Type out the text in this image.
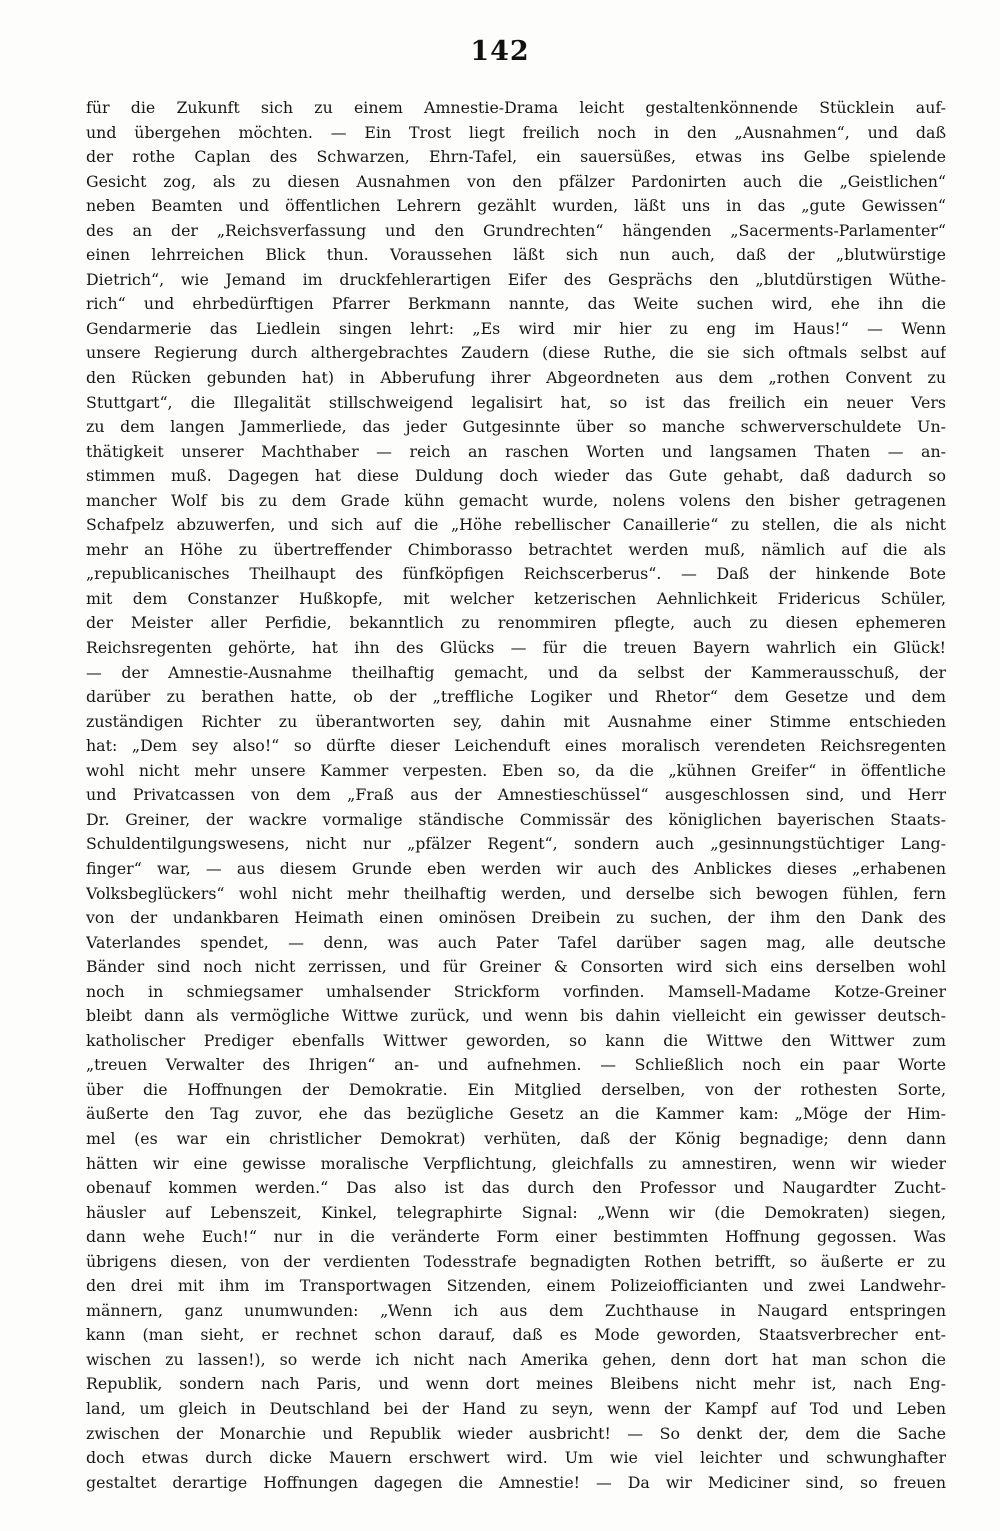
142
für die Zukunft sich zu einem Amnestie-Drama leicht gestaltenkönnende Stücklein auf-
und übergehen möchten. — Ein Trost liegt freilich noch in den „Ausnahmen“, und daß
der rothe Caplan des Schwarzen, Ehrn-Tafel, ein sauersüßes, etwas ins Gelbe spielende
Gesicht zog, als zu diesen Ausnahmen von den pfälzer Pardonirten auch die „Geistlichen“
neben Beamten und öffentlichen Lehrern gezählt wurden, läßt uns in das „gute Gewissen“
des an der „Reichsverfassung und den Grundrechten“ hängenden „Sacerments-Parlamenter“
einen lehrreichen Blick thun. Voraussehen läßt sich nun auch, daß der „blutwürstige
Dietrich“, wie Jemand im druckfehlerartigen Eifer des Gesprächs den „blutdürstigen Wüthe-
rich“ und ehrbedürftigen Pfarrer Berkmann nannte, das Weite suchen wird, ehe ihn die
Gendarmerie das Liedlein singen lehrt: „Es wird mir hier zu eng im Haus!“ — Wenn
unsere Regierung durch althergebrachtes Zaudern (diese Ruthe, die sie sich oftmals selbst auf
den Rücken gebunden hat) in Abberufung ihrer Abgeordneten aus dem „rothen Convent zu
Stuttgart“, die Illegalität stillschweigend legalisirt hat, so ist das freilich ein neuer Vers
zu dem langen Jammerliede, das jeder Gutgesinnte über so manche schwerverschuldete Un-
thätigkeit unserer Machthaber — reich an raschen Worten und langsamen Thaten — an-
stimmen muß. Dagegen hat diese Duldung doch wieder das Gute gehabt, daß dadurch so
mancher Wolf bis zu dem Grade kühn gemacht wurde, nolens volens den bisher getragenen
Schafpelz abzuwerfen, und sich auf die „Höhe rebellischer Canaillerie“ zu stellen, die als nicht
mehr an Höhe zu übertreffender Chimborasso betrachtet werden muß, nämlich auf die als
„republicanisches Theilhaupt des fünfköpfigen Reichscerberus“. — Daß der hinkende Bote
mit dem Constanzer Hußkopfe, mit welcher ketzerischen Aehnlichkeit Fridericus Schüler,
der Meister aller Perfidie, bekanntlich zu renommiren pflegte, auch zu diesen ephemeren
Reichsregenten gehörte, hat ihn des Glücks — für die treuen Bayern wahrlich ein Glück!
— der Amnestie-Ausnahme theilhaftig gemacht, und da selbst der Kammerausschuß, der
darüber zu berathen hatte, ob der „treffliche Logiker und Rhetor“ dem Gesetze und dem
zuständigen Richter zu überantworten sey, dahin mit Ausnahme einer Stimme entschieden
hat: „Dem sey also!“ so dürfte dieser Leichenduft eines moralisch verendeten Reichsregenten
wohl nicht mehr unsere Kammer verpesten. Eben so, da die „kühnen Greifer“ in öffentliche
und Privatcassen von dem „Fraß aus der Amnestieschüssel“ ausgeschlossen sind, und Herr
Dr. Greiner, der wackre vormalige ständische Commissär des königlichen bayerischen Staats-
Schuldentilgungswesens, nicht nur „pfälzer Regent“, sondern auch „gesinnungstüchtiger Lang-
finger“ war, — aus diesem Grunde eben werden wir auch des Anblickes dieses „erhabenen
Volksbeglückers“ wohl nicht mehr theilhaftig werden, und derselbe sich bewogen fühlen, fern
von der undankbaren Heimath einen ominösen Dreibein zu suchen, der ihm den Dank des
Vaterlandes spendet, — denn, was auch Pater Tafel darüber sagen mag, alle deutsche
Bänder sind noch nicht zerrissen, und für Greiner & Consorten wird sich eins derselben wohl
noch in schmiegsamer umhalsender Strickform vorfinden. Mamsell-Madame Kotze-Greiner
bleibt dann als vermögliche Wittwe zurück, und wenn bis dahin vielleicht ein gewisser deutsch-
katholischer Prediger ebenfalls Wittwer geworden, so kann die Wittwe den Wittwer zum
„treuen Verwalter des Ihrigen“ an- und aufnehmen. — Schließlich noch ein paar Worte
über die Hoffnungen der Demokratie. Ein Mitglied derselben, von der rothesten Sorte,
äußerte den Tag zuvor, ehe das bezügliche Gesetz an die Kammer kam: „Möge der Him-
mel (es war ein christlicher Demokrat) verhüten, daß der König begnadige; denn dann
hätten wir eine gewisse moralische Verpflichtung, gleichfalls zu amnestiren, wenn wir wieder
obenauf kommen werden.“ Das also ist das durch den Professor und Naugardter Zucht-
häusler auf Lebenszeit, Kinkel, telegraphirte Signal: „Wenn wir (die Demokraten) siegen,
dann wehe Euch!“ nur in die veränderte Form einer bestimmten Hoffnung gegossen. Was
übrigens diesen, von der verdienten Todesstrafe begnadigten Rothen betrifft, so äußerte er zu
den drei mit ihm im Transportwagen Sitzenden, einem Polizeiofficianten und zwei Landwehr-
männern, ganz unumwunden: „Wenn ich aus dem Zuchthause in Naugard entspringen
kann (man sieht, er rechnet schon darauf, daß es Mode geworden, Staatsverbrecher ent-
wischen zu lassen!), so werde ich nicht nach Amerika gehen, denn dort hat man schon die
Republik, sondern nach Paris, und wenn dort meines Bleibens nicht mehr ist, nach Eng-
land, um gleich in Deutschland bei der Hand zu seyn, wenn der Kampf auf Tod und Leben
zwischen der Monarchie und Republik wieder ausbricht! — So denkt der, dem die Sache
doch etwas durch dicke Mauern erschwert wird. Um wie viel leichter und schwunghafter
gestaltet derartige Hoffnungen dagegen die Amnestie! — Da wir Mediciner sind, so freuen
